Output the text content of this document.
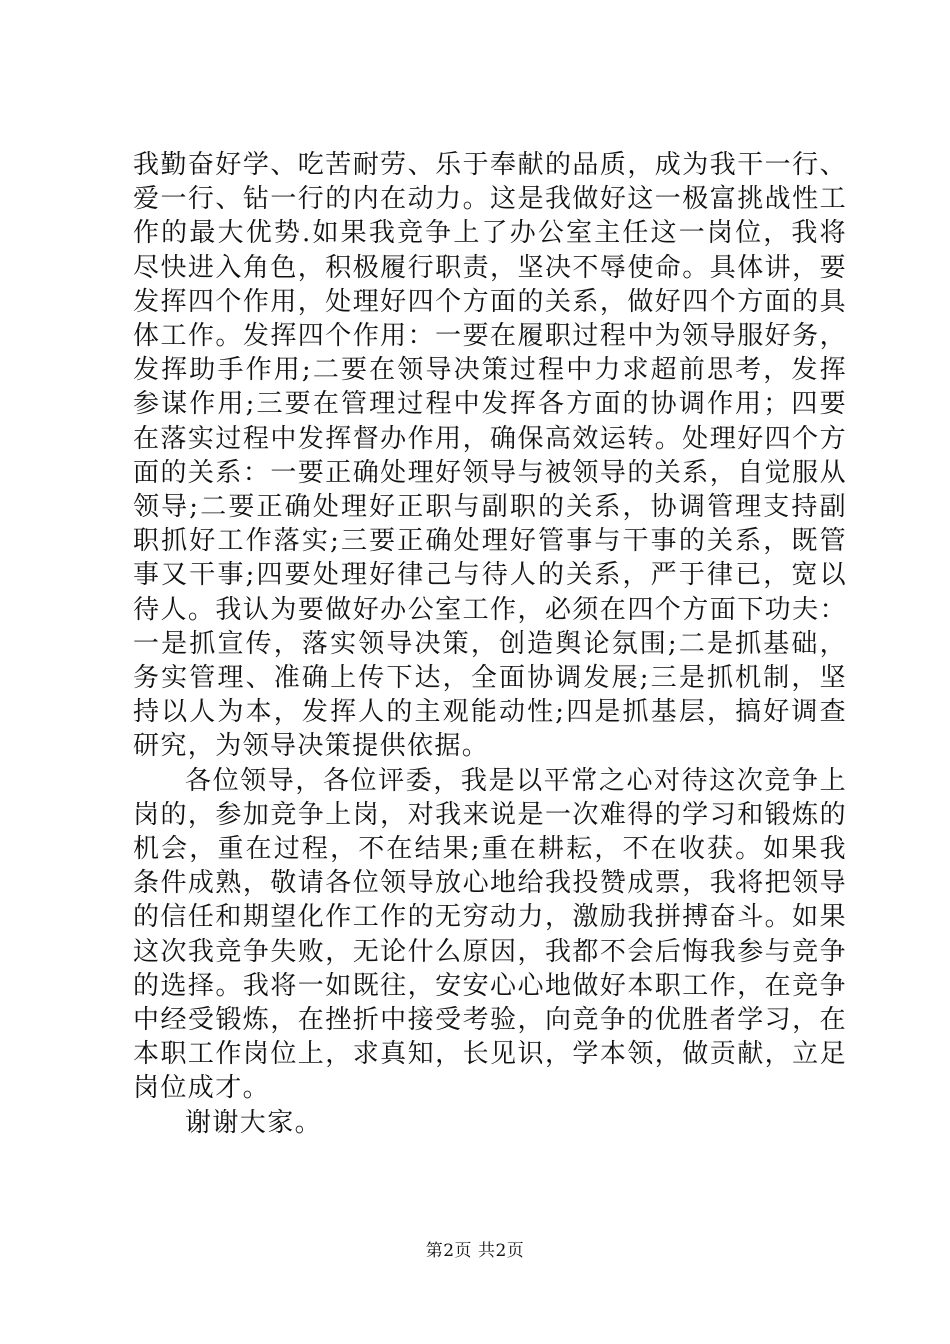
我勤奋好学、吃苦耐劳、乐于奉献的品质，成为我干一行、爱一行、钻一行的内在动力。这是我做好这一极富挑战性工作的最大优势.如果我竞争上了办公室主任这一岗位，我将尽快进入角色，积极履行职责，坚决不辱使命。具体讲，要发挥四个作用，处理好四个方面的关系，做好四个方面的具体工作。发挥四个作用：一要在履职过程中为领导服好务，发挥助手作用;二要在领导决策过程中力求超前思考，发挥参谋作用;三要在管理过程中发挥各方面的协调作用；四要在落实过程中发挥督办作用，确保高效运转。处理好四个方面的关系：一要正确处理好领导与被领导的关系，自觉服从领导;二要正确处理好正职与副职的关系，协调管理支持副职抓好工作落实;三要正确处理好管事与干事的关系，既管事又干事;四要处理好律己与待人的关系，严于律已，宽以待人。我认为要做好办公室工作，必须在四个方面下功夫：一是抓宣传，落实领导决策，创造舆论氛围;二是抓基础，务实管理、准确上传下达，全面协调发展;三是抓机制，坚持以人为本，发挥人的主观能动性;四是抓基层，搞好调查研究，为领导决策提供依据。

各位领导，各位评委，我是以平常之心对待这次竞争上岗的，参加竞争上岗，对我来说是一次难得的学习和锻炼的机会，重在过程，不在结果;重在耕耘，不在收获。如果我条件成熟，敬请各位领导放心地给我投赞成票，我将把领导的信任和期望化作工作的无穷动力，激励我拼搏奋斗。如果这次我竞争失败，无论什么原因，我都不会后悔我参与竞争的选择。我将一如既往，安安心心地做好本职工作，在竞争中经受锻炼，在挫折中接受考验，向竞争的优胜者学习，在本职工作岗位上，求真知，长见识，学本领，做贡献，立足岗位成才。

谢谢大家。

第2页 共2页
